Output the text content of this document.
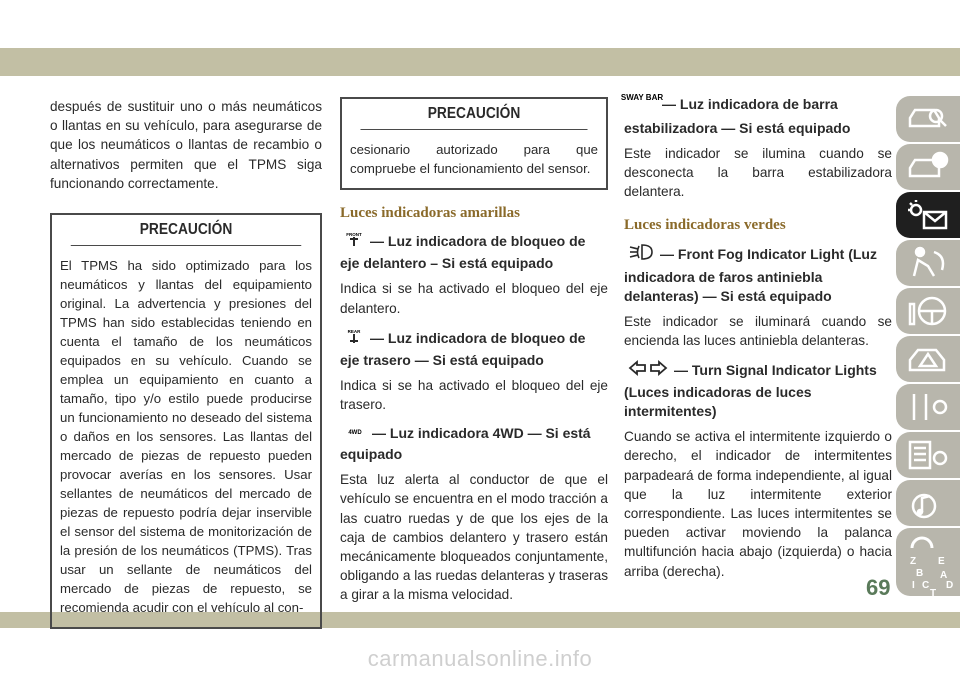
después de sustituir uno o más neumáticos o llantas en su vehículo, para asegurarse de que los neumáticos o llantas de recambio o alternativos permiten que el TPMS siga funcionando correctamente.

PRECAUCIÓN

El TPMS ha sido optimizado para los neumáticos y llantas del equipamiento original. La advertencia y presiones del TPMS han sido establecidas teniendo en cuenta el tamaño de los neumáticos equipados en su vehículo. Cuando se emplea un equipamiento en cuanto a tamaño, tipo y/o estilo puede producirse un funcionamiento no deseado del sistema o daños en los sensores. Las llantas del mercado de piezas de repuesto pueden provocar averías en los sensores. Usar sellantes de neumáticos del mercado de piezas de repuesto podría dejar inservible el sensor del sistema de monitorización de la presión de los neumáticos (TPMS). Tras usar un sellante de neumáticos del mercado de piezas de repuesto, se recomienda acudir con el vehículo al con-

PRECAUCIÓN

cesionario autorizado para que compruebe el funcionamiento del sensor.

Luces indicadoras amarillas
FRONT — Luz indicadora de bloqueo de eje delantero – Si está equipado

Indica si se ha activado el bloqueo del eje delantero.

REAR — Luz indicadora de bloqueo de eje trasero — Si está equipado

Indica si se ha activado el bloqueo del eje trasero.

4WD — Luz indicadora 4WD — Si está equipado

Esta luz alerta al conductor de que el vehículo se encuentra en el modo tracción a las cuatro ruedas y de que los ejes de la caja de cambios delantero y trasero están mecánicamente bloqueados conjuntamente, obligando a las ruedas delanteras y traseras a girar a la misma velocidad.

SWAY BAR
— Luz indicadora de barra estabilizadora — Si está equipado

Este indicador se ilumina cuando se desconecta la barra estabilizadora delantera.

Luces indicadoras verdes
— Front Fog Indicator Light (Luz indicadora de faros antiniebla delanteras) — Si está equipado

Este indicador se iluminará cuando se encienda las luces antiniebla delanteras.

— Turn Signal Indicator Lights (Luces indicadoras de luces intermitentes)

Cuando se activa el intermitente izquierdo o derecho, el indicador de intermitentes parpadeará de forma independiente, al igual que la luz intermitente exterior correspondiente. Las luces intermitentes se pueden activar moviendo la palanca multifunción hacia abajo (izquierda) o hacia arriba (derecha).

Z E
B A
I C D
T
69
carmanualsonline.info
